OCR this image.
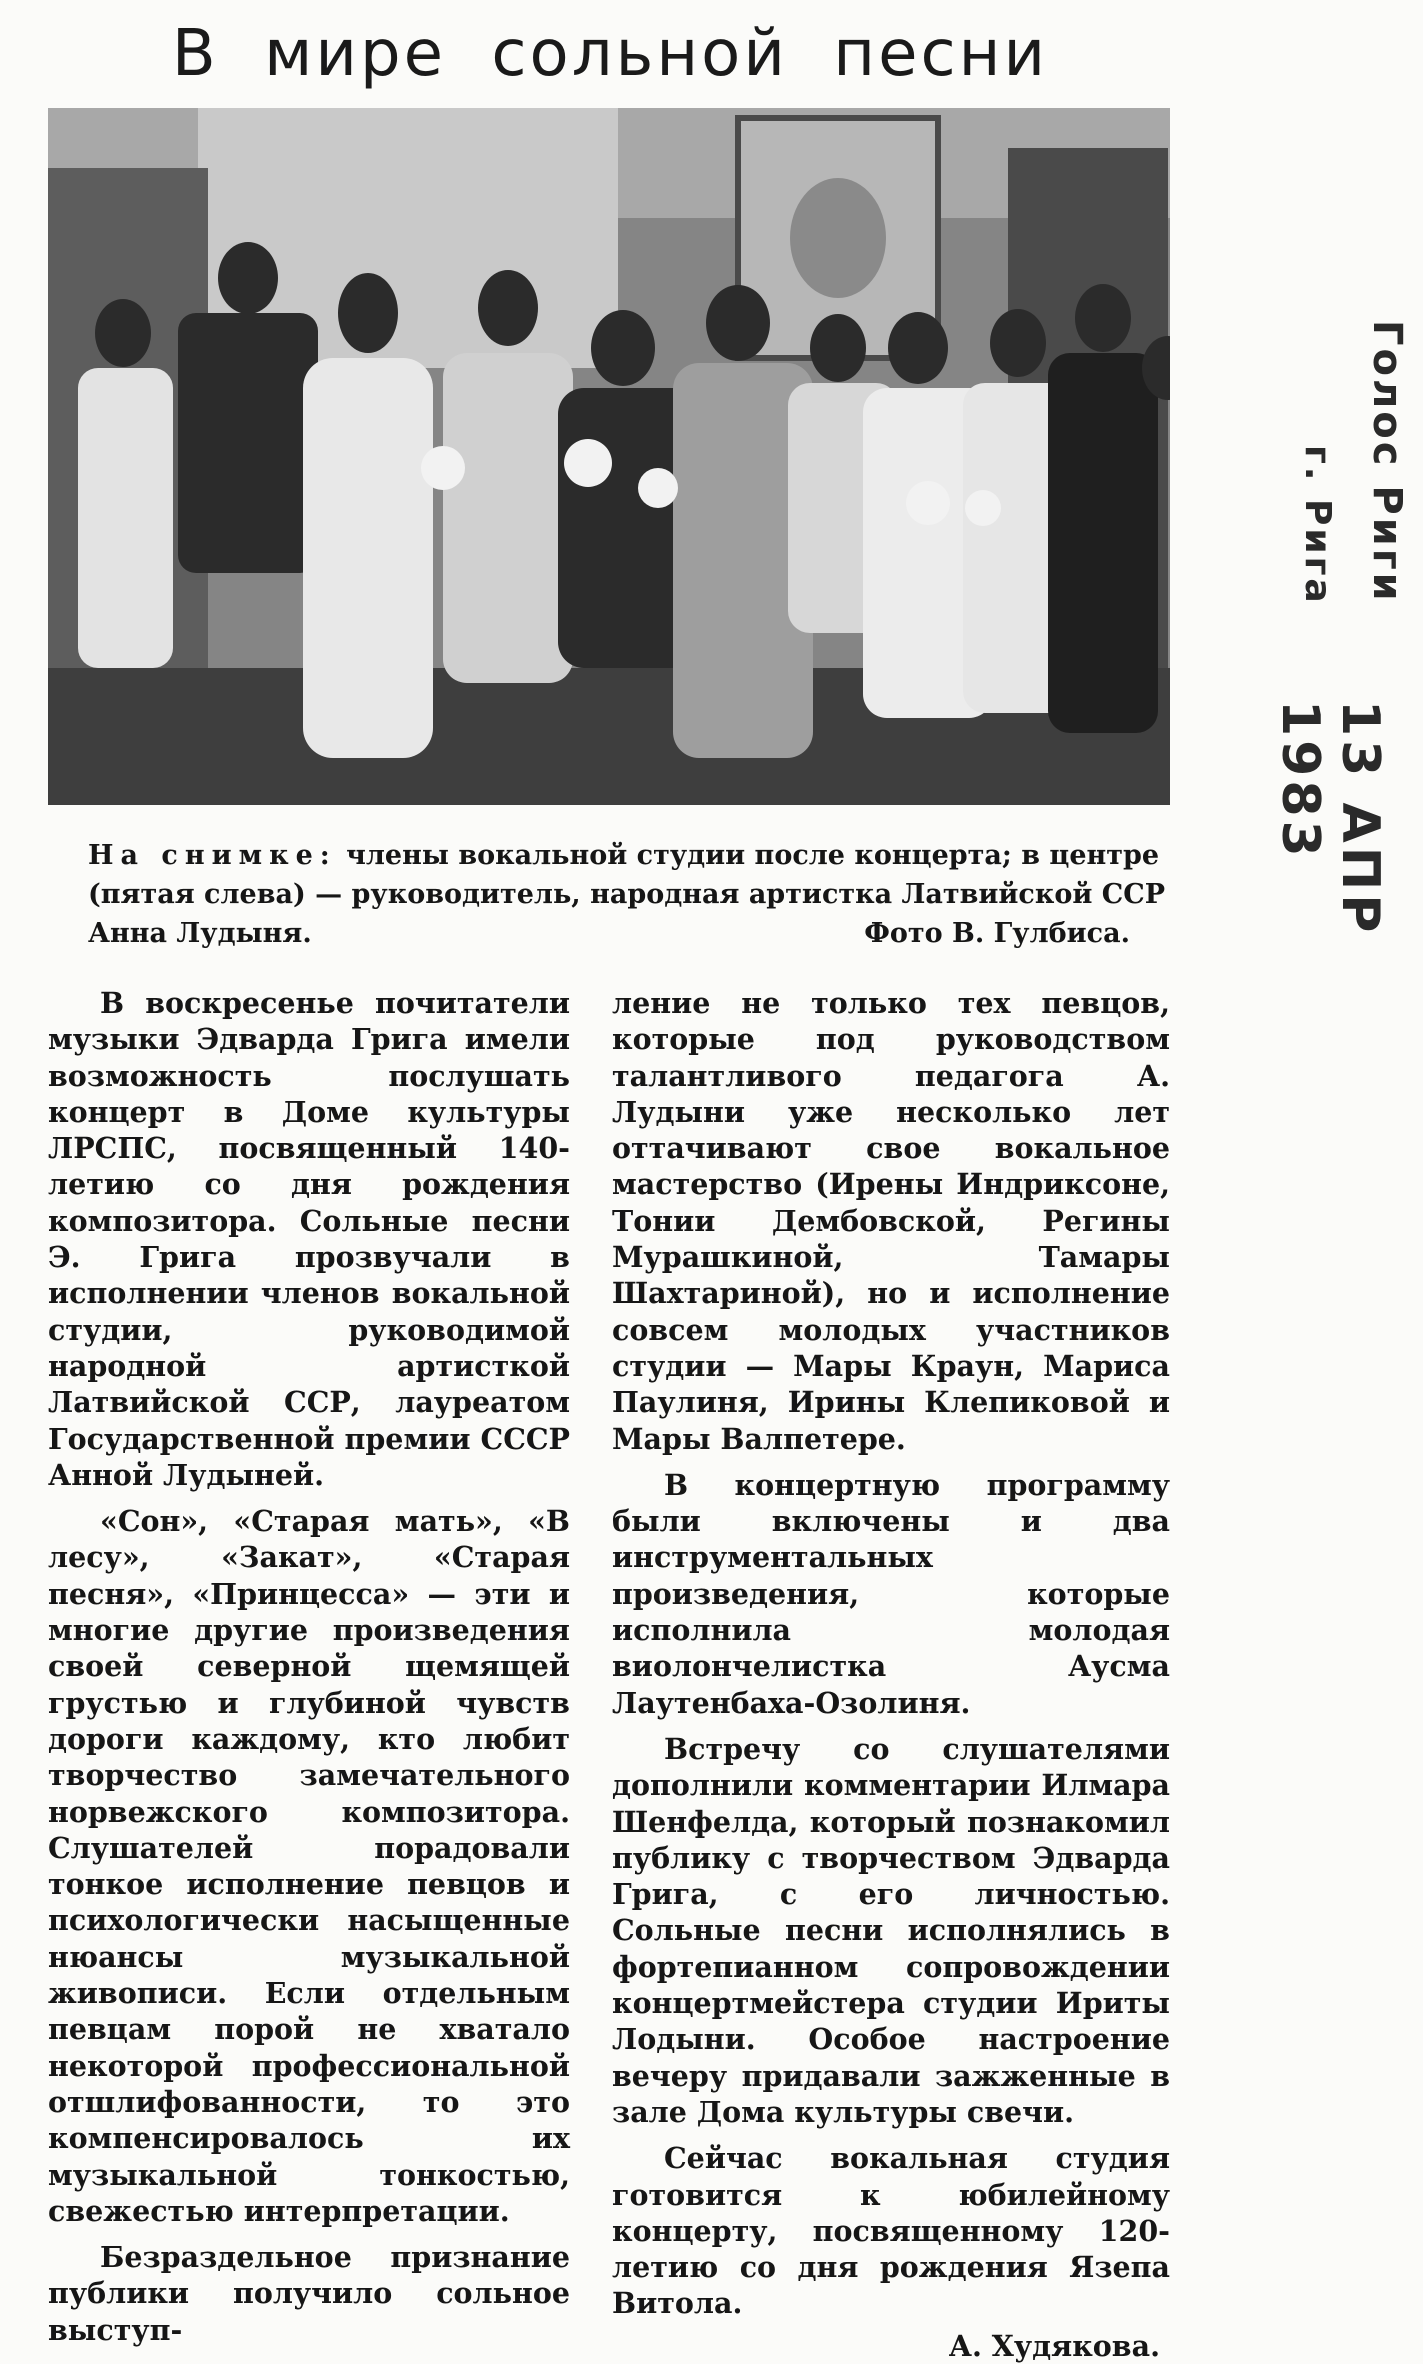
В мире сольной песни
На снимке: члены вокальной студии после концерта; в центре (пятая слева) — руководитель, народная артистка Латвийской ССР Анна Лудыня.	Фото В. Гулбиса.

В воскресенье почитатели музыки Эдварда Грига имели возможность послушать концерт в Доме культуры ЛРСПС, посвященный 140-летию со дня рождения композитора. Сольные песни Э. Грига прозвучали в исполнении членов вокальной студии, руководимой народной артисткой Латвийской ССР, лауреатом Государственной премии СССР Анной Лудыней.

«Сон», «Старая мать», «В лесу», «Закат», «Старая песня», «Принцесса» — эти и многие другие произведения своей северной щемящей грустью и глубиной чувств дороги каждому, кто любит творчество замечательного норвежского композитора. Слушателей порадовали тонкое исполнение певцов и психологически насыщенные нюансы музыкальной живописи. Если отдельным певцам порой не хватало некоторой профессиональной отшлифованности, то это компенсировалось их музыкальной тонкостью, свежестью интерпретации.

Безраздельное признание публики получило сольное выступ-

ление не только тех певцов, которые под руководством талантливого педагога А. Лудыни уже несколько лет оттачивают свое вокальное мастерство (Ирены Индриксоне, Тонии Дембовской, Регины Мурашкиной, Тамары Шахтариной), но и исполнение совсем молодых участников студии — Мары Краун, Мариса Паулиня, Ирины Клепиковой и Мары Валпетере.

В концертную программу были включены и два инструментальных произведения, которые исполнила молодая виолончелистка Аусма Лаутенбаха-Озолиня.

Встречу со слушателями дополнили комментарии Илмара Шенфелда, который познакомил публику с творчеством Эдварда Грига, с его личностью. Сольные песни исполнялись в фортепианном сопровождении концертмейстера студии Ириты Лодыни. Особое настроение вечеру придавали зажженные в зале Дома культуры свечи.

Сейчас вокальная студия готовится к юбилейному концерту, посвященному 120-летию со дня рождения Язепа Витола.

А. Худякова.
Голос Риги
г. Рига
13 АПР 1983
